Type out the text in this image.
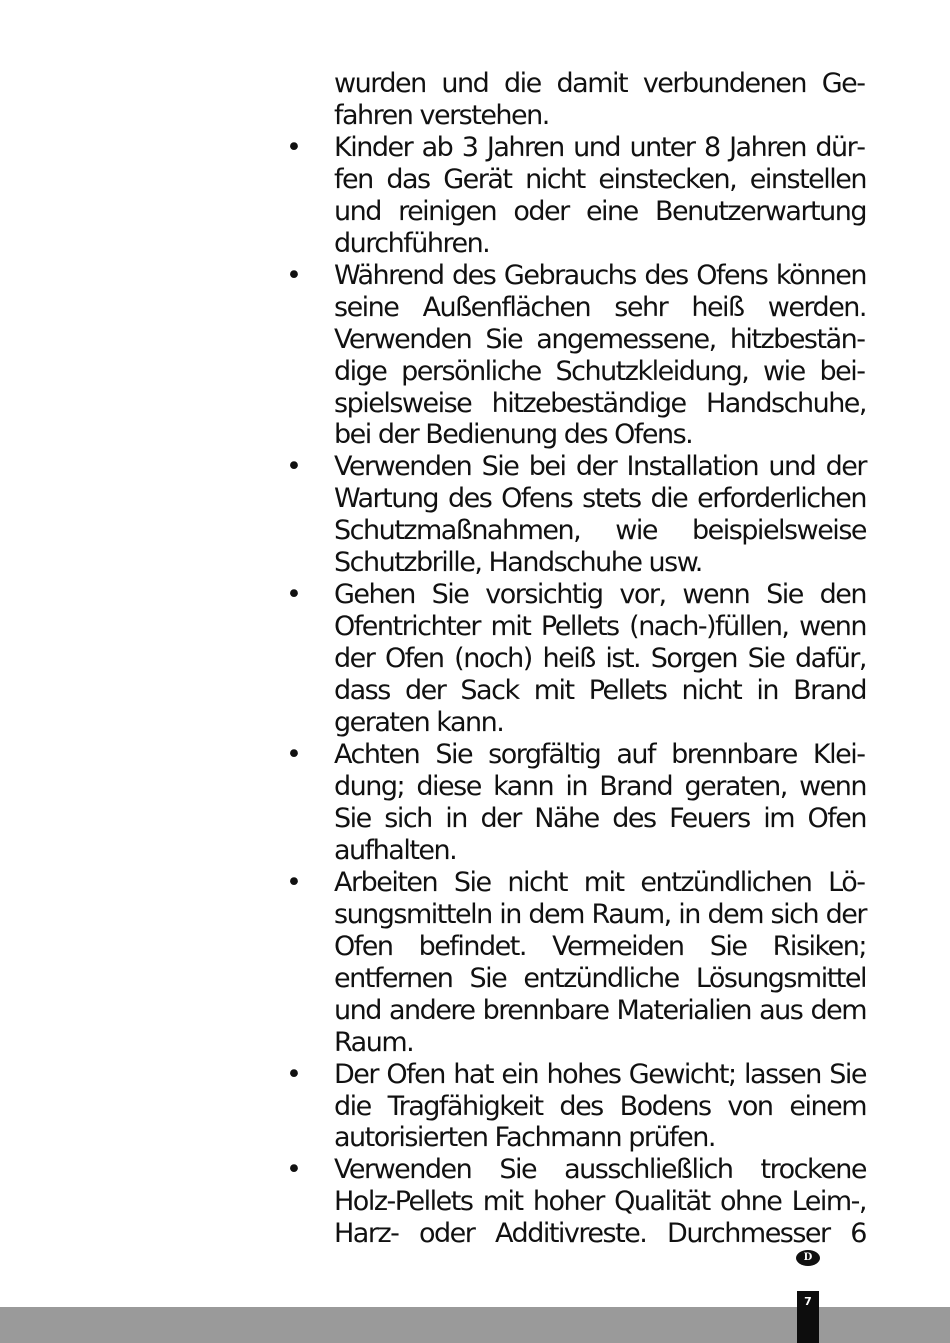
wurden und die damit verbundenen Gefahren verstehen.
• Kinder ab 3 Jahren und unter 8 Jahren dürfen das Gerät nicht einstecken, einstellen und reinigen oder eine Benutzerwartung durchführen.
• Während des Gebrauchs des Ofens können seine Außenflächen sehr heiß werden. Verwenden Sie angemessene, hitzbeständige persönliche Schutzkleidung, wie beispielsweise hitzebeständige Handschuhe, bei der Bedienung des Ofens.
• Verwenden Sie bei der Installation und der Wartung des Ofens stets die erforderlichen Schutzmaßnahmen, wie beispielsweise Schutzbrille, Handschuhe usw.
• Gehen Sie vorsichtig vor, wenn Sie den Ofentrichter mit Pellets (nach-)füllen, wenn der Ofen (noch) heiß ist. Sorgen Sie dafür, dass der Sack mit Pellets nicht in Brand geraten kann.
• Achten Sie sorgfältig auf brennbare Kleidung; diese kann in Brand geraten, wenn Sie sich in der Nähe des Feuers im Ofen aufhalten.
• Arbeiten Sie nicht mit entzündlichen Lösungsmitteln in dem Raum, in dem sich der Ofen befindet. Vermeiden Sie Risiken; entfernen Sie entzündliche Lösungsmittel und andere brennbare Materialien aus dem Raum.
• Der Ofen hat ein hohes Gewicht; lassen Sie die Tragfähigkeit des Bodens von einem autorisierten Fachmann prüfen.
• Verwenden Sie ausschließlich trockene Holz-Pellets mit hoher Qualität ohne Leim-, Harz- oder Additivreste. Durchmesser 6
D
7
